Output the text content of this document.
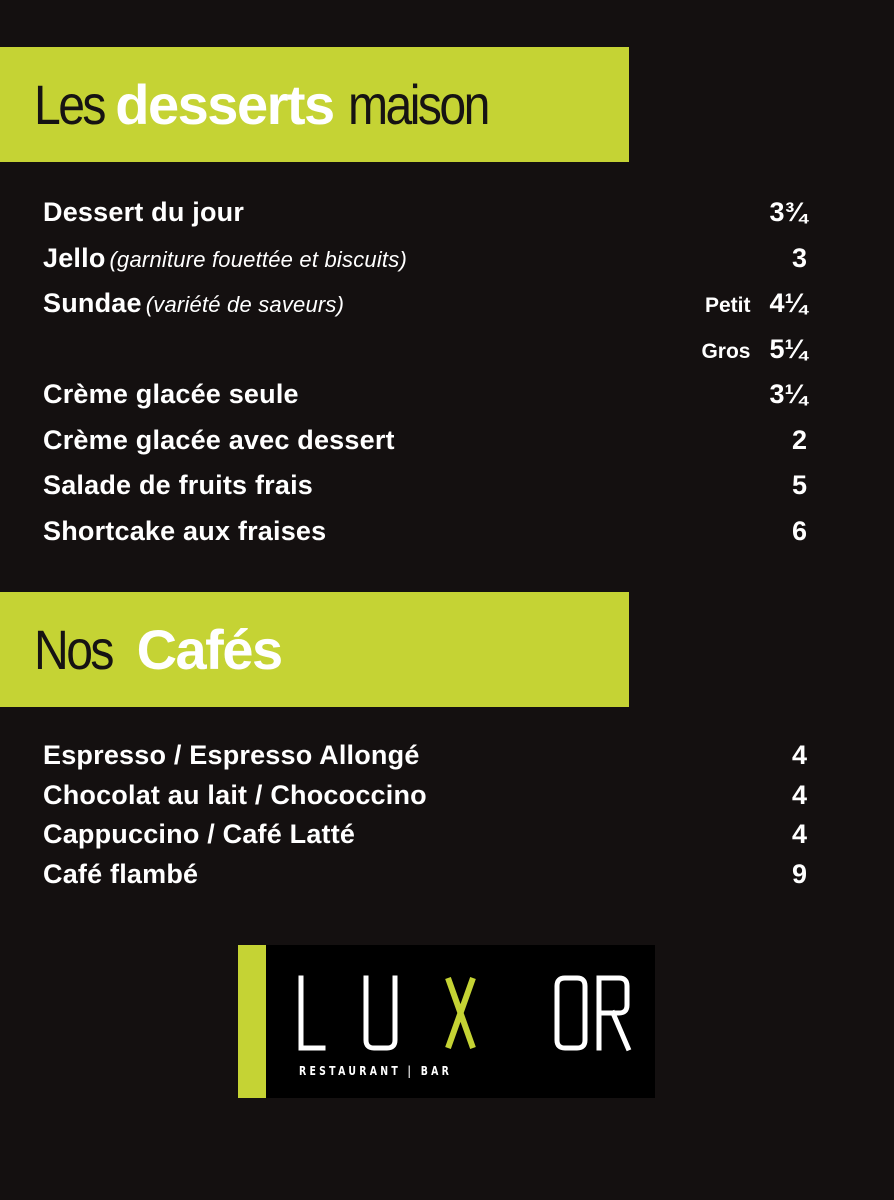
Les desserts maison
Dessert du jour	3¾
Jello (garniture fouettée et biscuits)	3
Sundae (variété de saveurs)	Petit 4¼
Gros 5¼
Crème glacée seule	3¼
Crème glacée avec dessert	2
Salade de fruits frais	5
Shortcake aux fraises	6
Nos Cafés
Espresso / Espresso Allongé	4
Chocolat au lait / Chococcino	4
Cappuccino / Café Latté	4
Café flambé	9
RESTAURANT | BAR
